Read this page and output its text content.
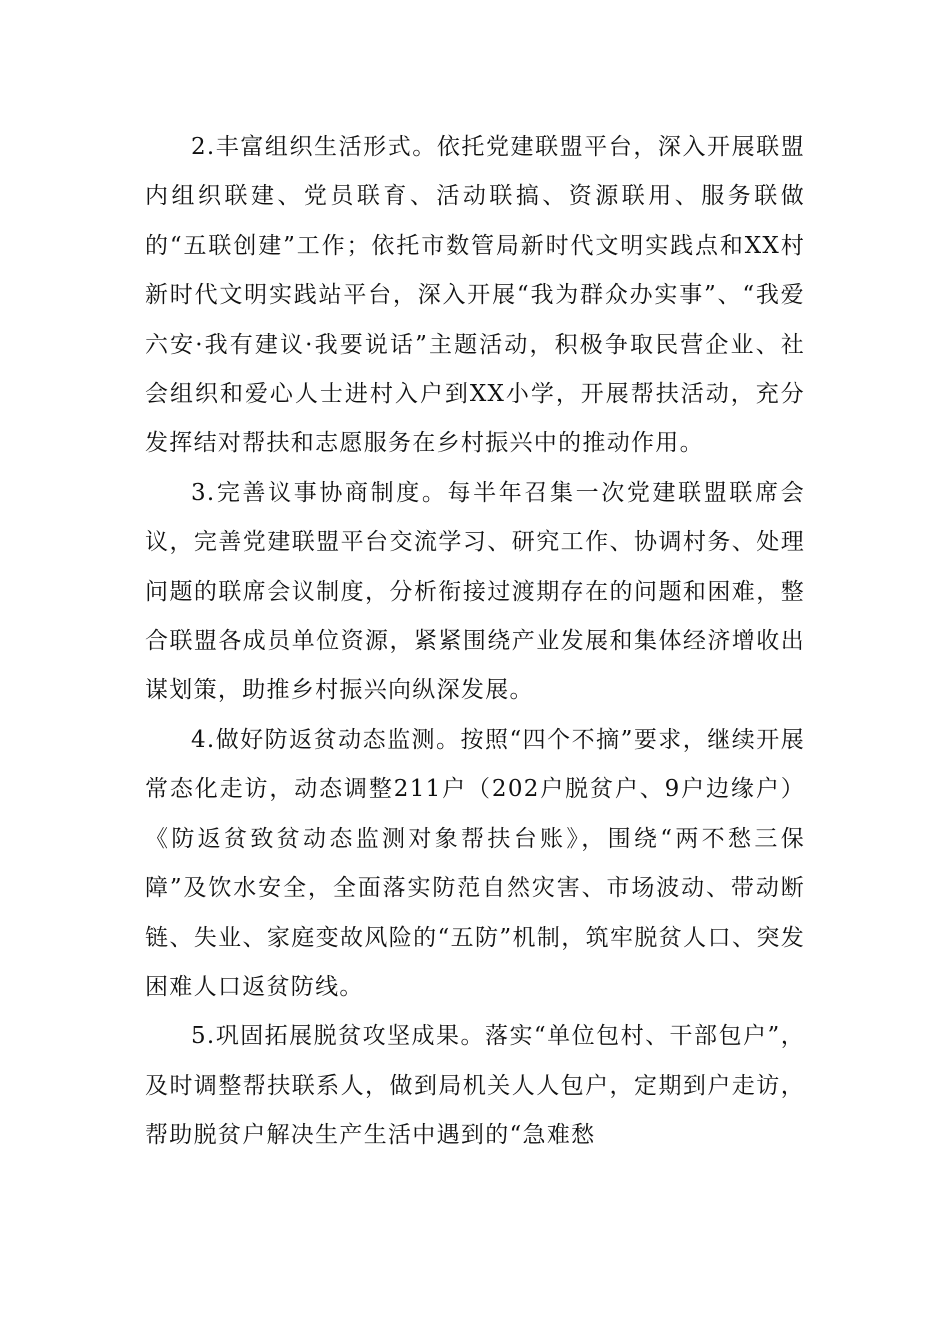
2.丰富组织生活形式。依托党建联盟平台，深入开展联盟内组织联建、党员联育、活动联搞、资源联用、服务联做的“五联创建”工作；依托市数管局新时代文明实践点和XX村新时代文明实践站平台，深入开展“我为群众办实事”、“我爱六安·我有建议·我要说话”主题活动，积极争取民营企业、社会组织和爱心人士进村入户到XX小学，开展帮扶活动，充分发挥结对帮扶和志愿服务在乡村振兴中的推动作用。

3.完善议事协商制度。每半年召集一次党建联盟联席会议，完善党建联盟平台交流学习、研究工作、协调村务、处理问题的联席会议制度，分析衔接过渡期存在的问题和困难，整合联盟各成员单位资源，紧紧围绕产业发展和集体经济增收出谋划策，助推乡村振兴向纵深发展。

4.做好防返贫动态监测。按照“四个不摘”要求，继续开展常态化走访，动态调整211户（202户脱贫户、9户边缘户）《防返贫致贫动态监测对象帮扶台账》，围绕“两不愁三保障”及饮水安全，全面落实防范自然灾害、市场波动、带动断链、失业、家庭变故风险的“五防”机制，筑牢脱贫人口、突发困难人口返贫防线。

5.巩固拓展脱贫攻坚成果。落实“单位包村、干部包户”，及时调整帮扶联系人，做到局机关人人包户，定期到户走访，帮助脱贫户解决生产生活中遇到的“急难愁
